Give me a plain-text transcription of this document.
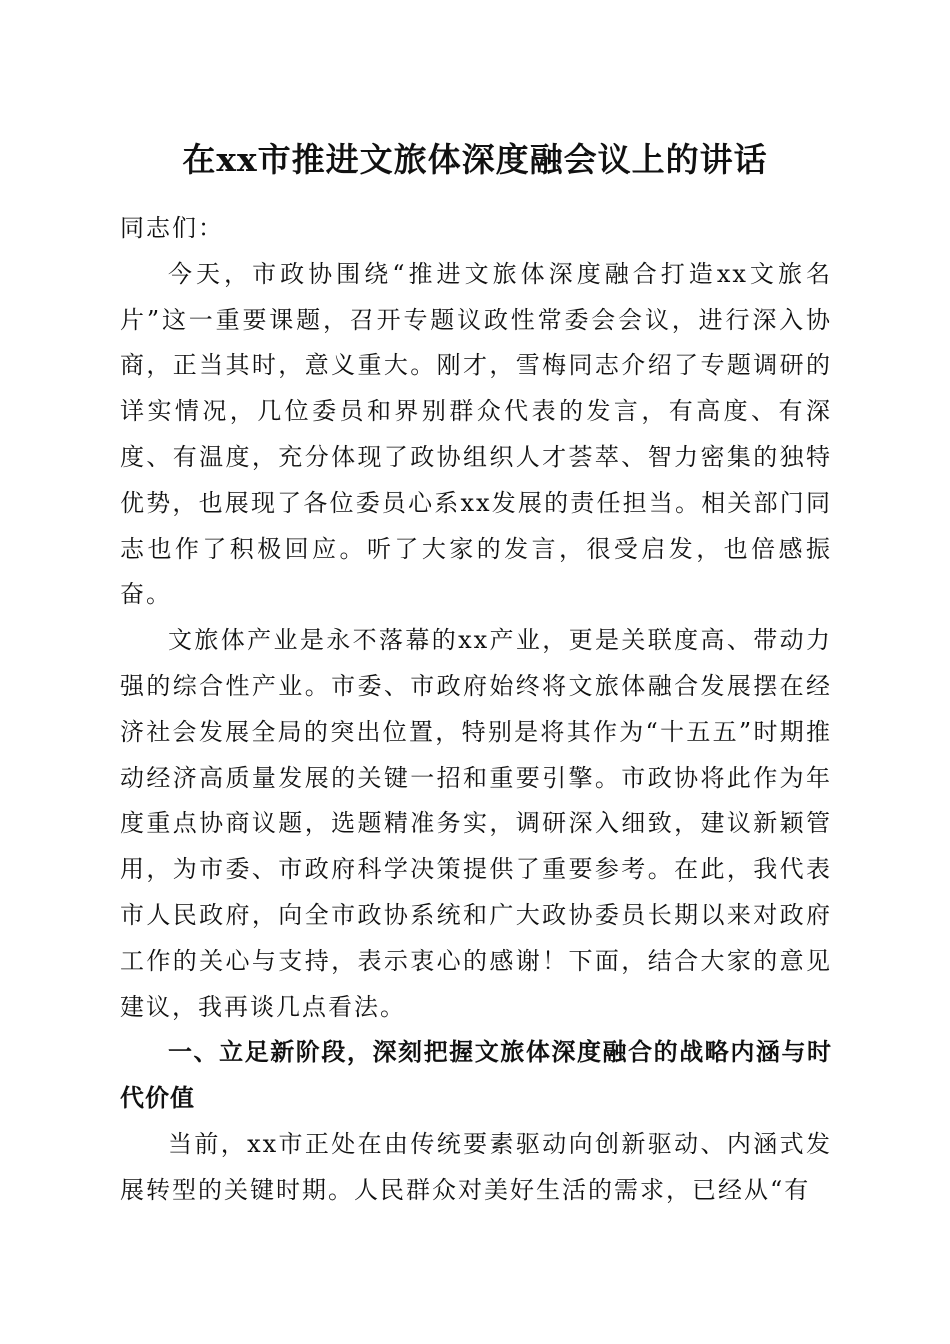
在xx市推进文旅体深度融会议上的讲话

同志们：

今天，市政协围绕“推进文旅体深度融合打造xx文旅名片”这一重要课题，召开专题议政性常委会会议，进行深入协商，正当其时，意义重大。刚才，雪梅同志介绍了专题调研的详实情况，几位委员和界别群众代表的发言，有高度、有深度、有温度，充分体现了政协组织人才荟萃、智力密集的独特优势，也展现了各位委员心系xx发展的责任担当。相关部门同志也作了积极回应。听了大家的发言，很受启发，也倍感振奋。

文旅体产业是永不落幕的xx产业，更是关联度高、带动力强的综合性产业。市委、市政府始终将文旅体融合发展摆在经济社会发展全局的突出位置，特别是将其作为“十五五”时期推动经济高质量发展的关键一招和重要引擎。市政协将此作为年度重点协商议题，选题精准务实，调研深入细致，建议新颖管用，为市委、市政府科学决策提供了重要参考。在此，我代表市人民政府，向全市政协系统和广大政协委员长期以来对政府工作的关心与支持，表示衷心的感谢！下面，结合大家的意见建议，我再谈几点看法。

一、立足新阶段，深刻把握文旅体深度融合的战略内涵与时代价值

当前，xx市正处在由传统要素驱动向创新驱动、内涵式发展转型的关键时期。人民群众对美好生活的需求，已经从“有
